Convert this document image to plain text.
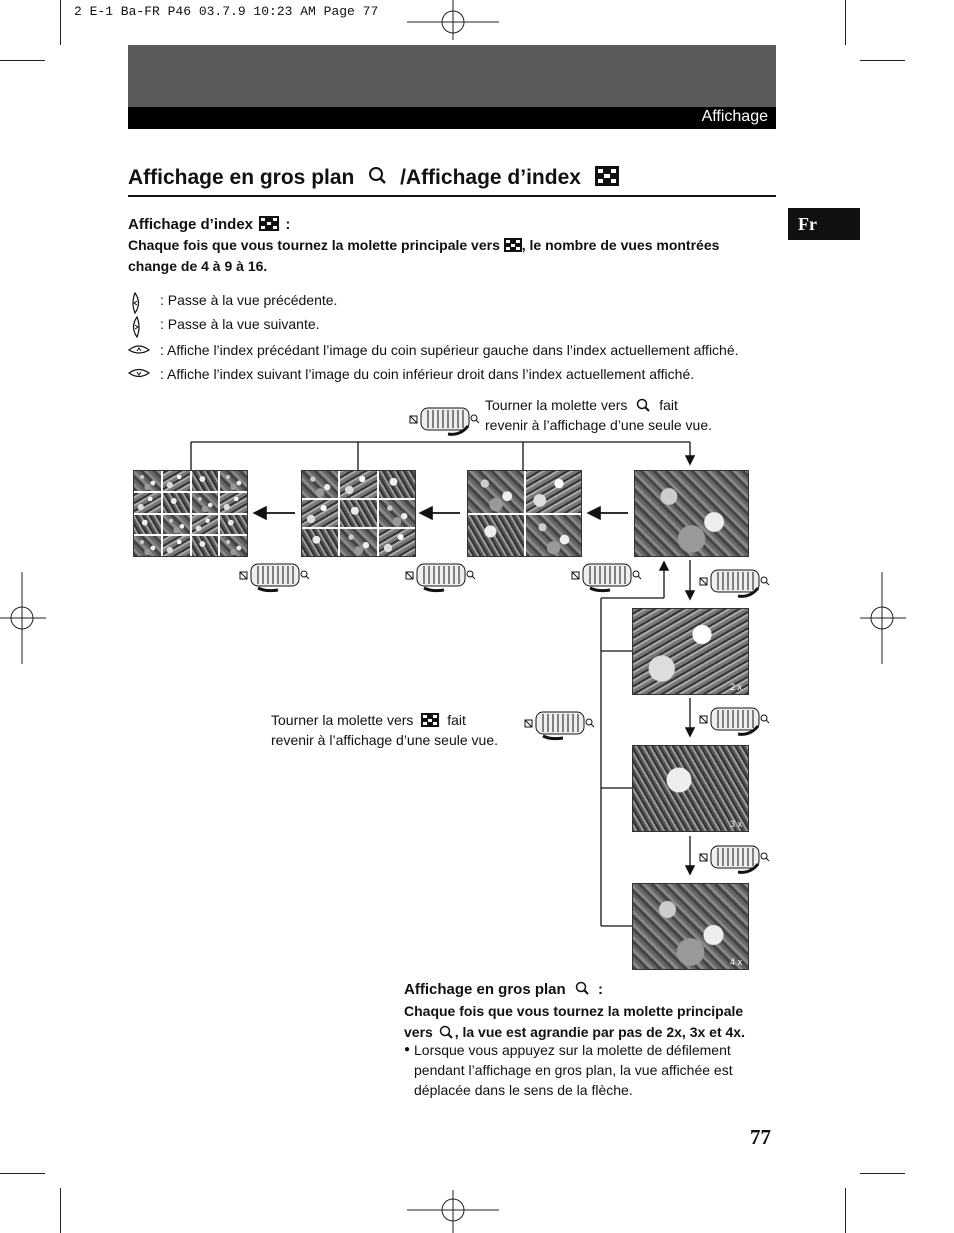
2 E-1 Ba-FR P46 03.7.9 10:23 AM Page 77
Affichage
Affichage en gros plan /Affichage d’index
Fr
Affichage d’index :
Chaque fois que vous tournez la molette principale vers , le nombre de vues montrées
change de 4 à 9 à 16.
: Passe à la vue précédente.
: Passe à la vue suivante.
: Affiche l’index précédant l’image du coin supérieur gauche dans l’index actuellement affiché.
: Affiche l’index suivant l’image du coin inférieur droit dans l’index actuellement affiché.
Tourner la molette vers fait
revenir à l’affichage d’une seule vue.
Tourner la molette vers fait
revenir à l’affichage d’une seule vue.
2 x
3 x
4 x
Affichage en gros plan :
Chaque fois que vous tournez la molette principale
vers , la vue est agrandie par pas de 2x, 3x et 4x.
● Lorsque vous appuyez sur la molette de défilement
pendant l’affichage en gros plan, la vue affichée est
déplacée dans le sens de la flèche.
77
